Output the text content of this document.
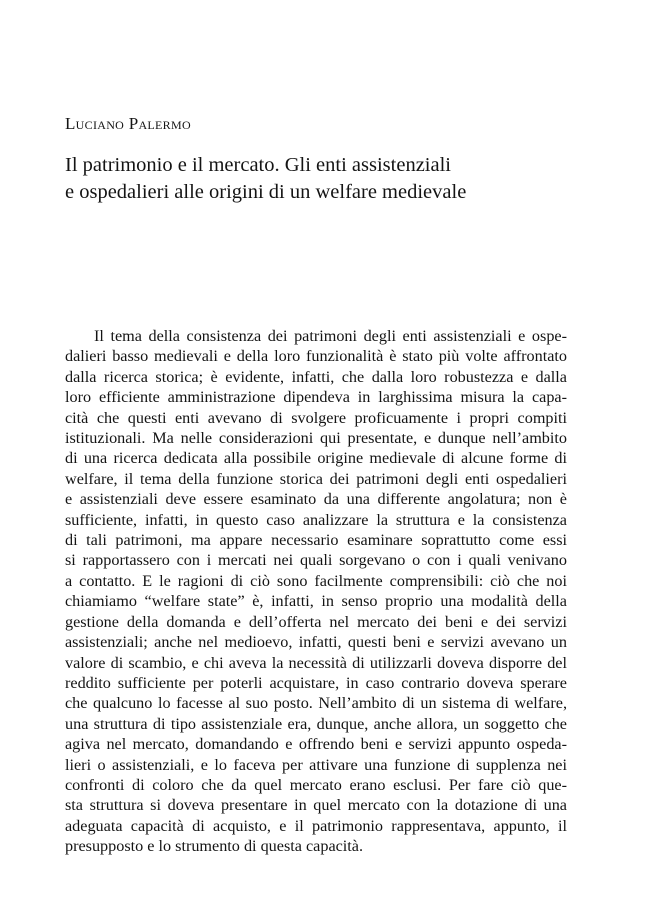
Luciano Palermo
Il patrimonio e il mercato. Gli enti assistenziali
e ospedalieri alle origini di un welfare medievale
Il tema della consistenza dei patrimoni degli enti assistenziali e ospe-
dalieri basso medievali e della loro funzionalità è stato più volte affrontato
dalla ricerca storica; è evidente, infatti, che dalla loro robustezza e dalla
loro efficiente amministrazione dipendeva in larghissima misura la capa-
cità che questi enti avevano di svolgere proficuamente i propri compiti
istituzionali. Ma nelle considerazioni qui presentate, e dunque nell’ambito
di una ricerca dedicata alla possibile origine medievale di alcune forme di
welfare, il tema della funzione storica dei patrimoni degli enti ospedalieri
e assistenziali deve essere esaminato da una differente angolatura; non è
sufficiente, infatti, in questo caso analizzare la struttura e la consistenza
di tali patrimoni, ma appare necessario esaminare soprattutto come essi
si rapportassero con i mercati nei quali sorgevano o con i quali venivano
a contatto. E le ragioni di ciò sono facilmente comprensibili: ciò che noi
chiamiamo “welfare state” è, infatti, in senso proprio una modalità della
gestione della domanda e dell’offerta nel mercato dei beni e dei servizi
assistenziali; anche nel medioevo, infatti, questi beni e servizi avevano un
valore di scambio, e chi aveva la necessità di utilizzarli doveva disporre del
reddito sufficiente per poterli acquistare, in caso contrario doveva sperare
che qualcuno lo facesse al suo posto. Nell’ambito di un sistema di welfare,
una struttura di tipo assistenziale era, dunque, anche allora, un soggetto che
agiva nel mercato, domandando e offrendo beni e servizi appunto ospeda-
lieri o assistenziali, e lo faceva per attivare una funzione di supplenza nei
confronti di coloro che da quel mercato erano esclusi. Per fare ciò que-
sta struttura si doveva presentare in quel mercato con la dotazione di una
adeguata capacità di acquisto, e il patrimonio rappresentava, appunto, il
presupposto e lo strumento di questa capacità.
